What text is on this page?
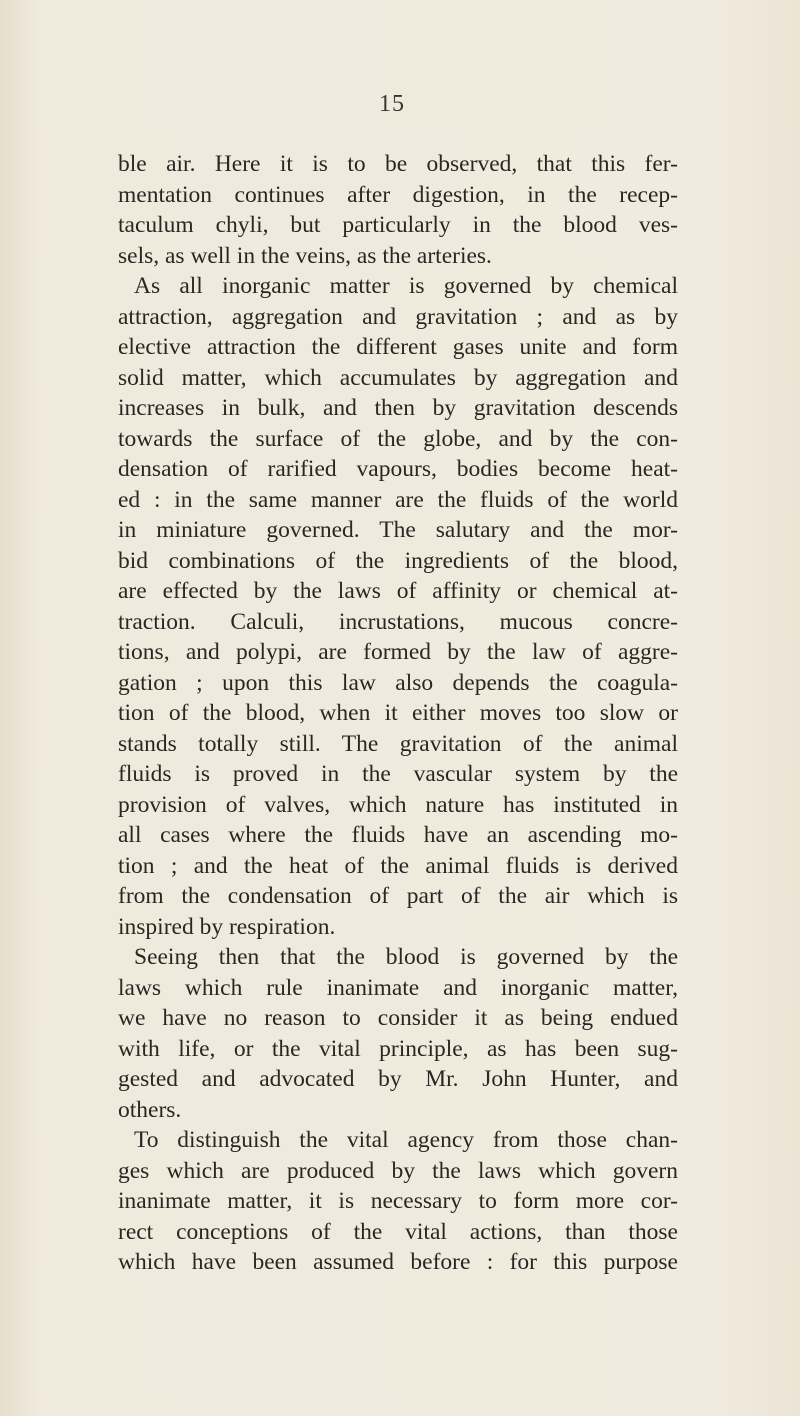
15
ble air. Here it is to be observed, that this fer-
mentation continues after digestion, in the recep-
taculum chyli, but particularly in the blood ves-
sels, as well in the veins, as the arteries.
As all inorganic matter is governed by chemical
attraction, aggregation and gravitation ; and as by
elective attraction the different gases unite and form
solid matter, which accumulates by aggregation and
increases in bulk, and then by gravitation descends
towards the surface of the globe, and by the con-
densation of rarified vapours, bodies become heat-
ed : in the same manner are the fluids of the world
in miniature governed. The salutary and the mor-
bid combinations of the ingredients of the blood,
are effected by the laws of affinity or chemical at-
traction. Calculi, incrustations, mucous concre-
tions, and polypi, are formed by the law of aggre-
gation ; upon this law also depends the coagula-
tion of the blood, when it either moves too slow or
stands totally still. The gravitation of the animal
fluids is proved in the vascular system by the
provision of valves, which nature has instituted in
all cases where the fluids have an ascending mo-
tion ; and the heat of the animal fluids is derived
from the condensation of part of the air which is
inspired by respiration.
Seeing then that the blood is governed by the
laws which rule inanimate and inorganic matter,
we have no reason to consider it as being endued
with life, or the vital principle, as has been sug-
gested and advocated by Mr. John Hunter, and
others.
To distinguish the vital agency from those chan-
ges which are produced by the laws which govern
inanimate matter, it is necessary to form more cor-
rect conceptions of the vital actions, than those
which have been assumed before : for this purpose
